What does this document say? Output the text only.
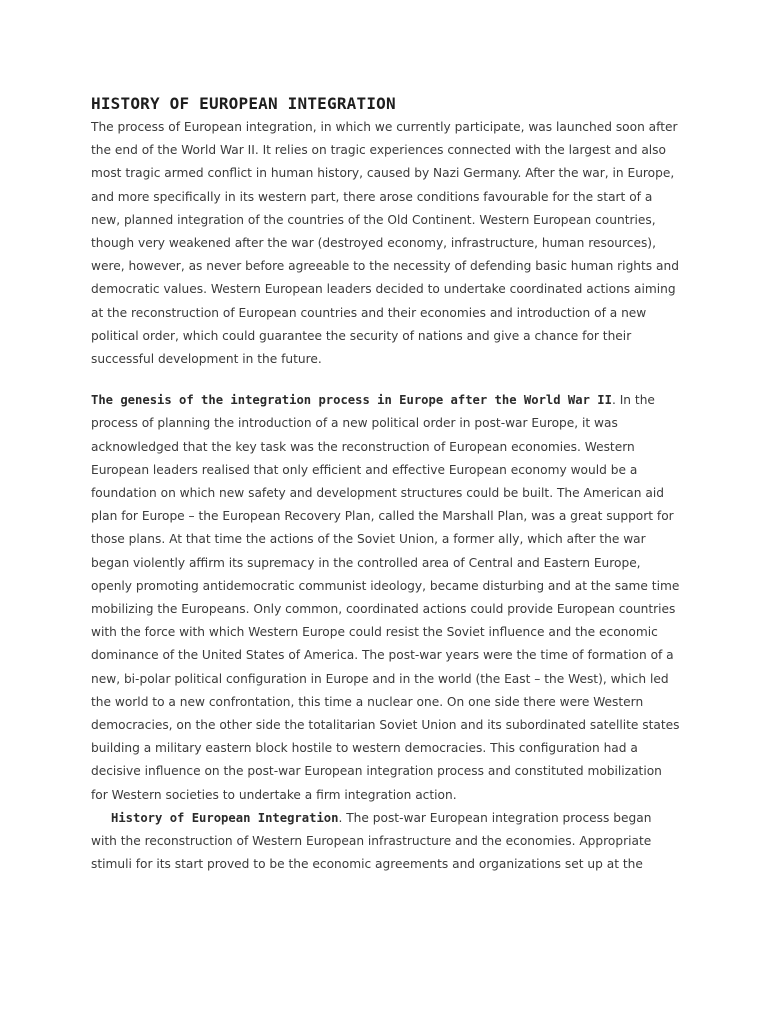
HISTORY OF EUROPEAN INTEGRATION

The process of European integration, in which we currently participate, was launched soon after the end of the World War II. It relies on tragic experiences connected with the largest and also most tragic armed conflict in human history, caused by Nazi Germany. After the war, in Europe, and more specifically in its western part, there arose conditions favourable for the start of a new, planned integration of the countries of the Old Continent. Western European countries, though very weakened after the war (destroyed economy, infrastructure, human resources), were, however, as never before agreeable to the necessity of defending basic human rights and democratic values. Western European leaders decided to undertake coordinated actions aiming at the reconstruction of European countries and their economies and introduction of a new political order, which could guarantee the security of nations and give a chance for their successful development in the future.

The genesis of the integration process in Europe after the World War II. In the process of planning the introduction of a new political order in post-war Europe, it was acknowledged that the key task was the reconstruction of European economies. Western European leaders realised that only efficient and effective European economy would be a foundation on which new safety and development structures could be built. The American aid plan for Europe – the European Recovery Plan, called the Marshall Plan, was a great support for those plans. At that time the actions of the Soviet Union, a former ally, which after the war began violently affirm its supremacy in the controlled area of Central and Eastern Europe, openly promoting antidemocratic communist ideology, became disturbing and at the same time mobilizing the Europeans. Only common, coordinated actions could provide European countries with the force with which Western Europe could resist the Soviet influence and the economic dominance of the United States of America. The post-war years were the time of formation of a new, bi-polar political configuration in Europe and in the world (the East – the West), which led the world to a new confrontation, this time a nuclear one. On one side there were Western democracies, on the other side the totalitarian Soviet Union and its subordinated satellite states building a military eastern block hostile to western democracies. This configuration had a decisive influence on the post-war European integration process and constituted mobilization for Western societies to undertake a firm integration action.

History of European Integration. The post-war European integration process began with the reconstruction of Western European infrastructure and the economies. Appropriate stimuli for its start proved to be the economic agreements and organizations set up at the
